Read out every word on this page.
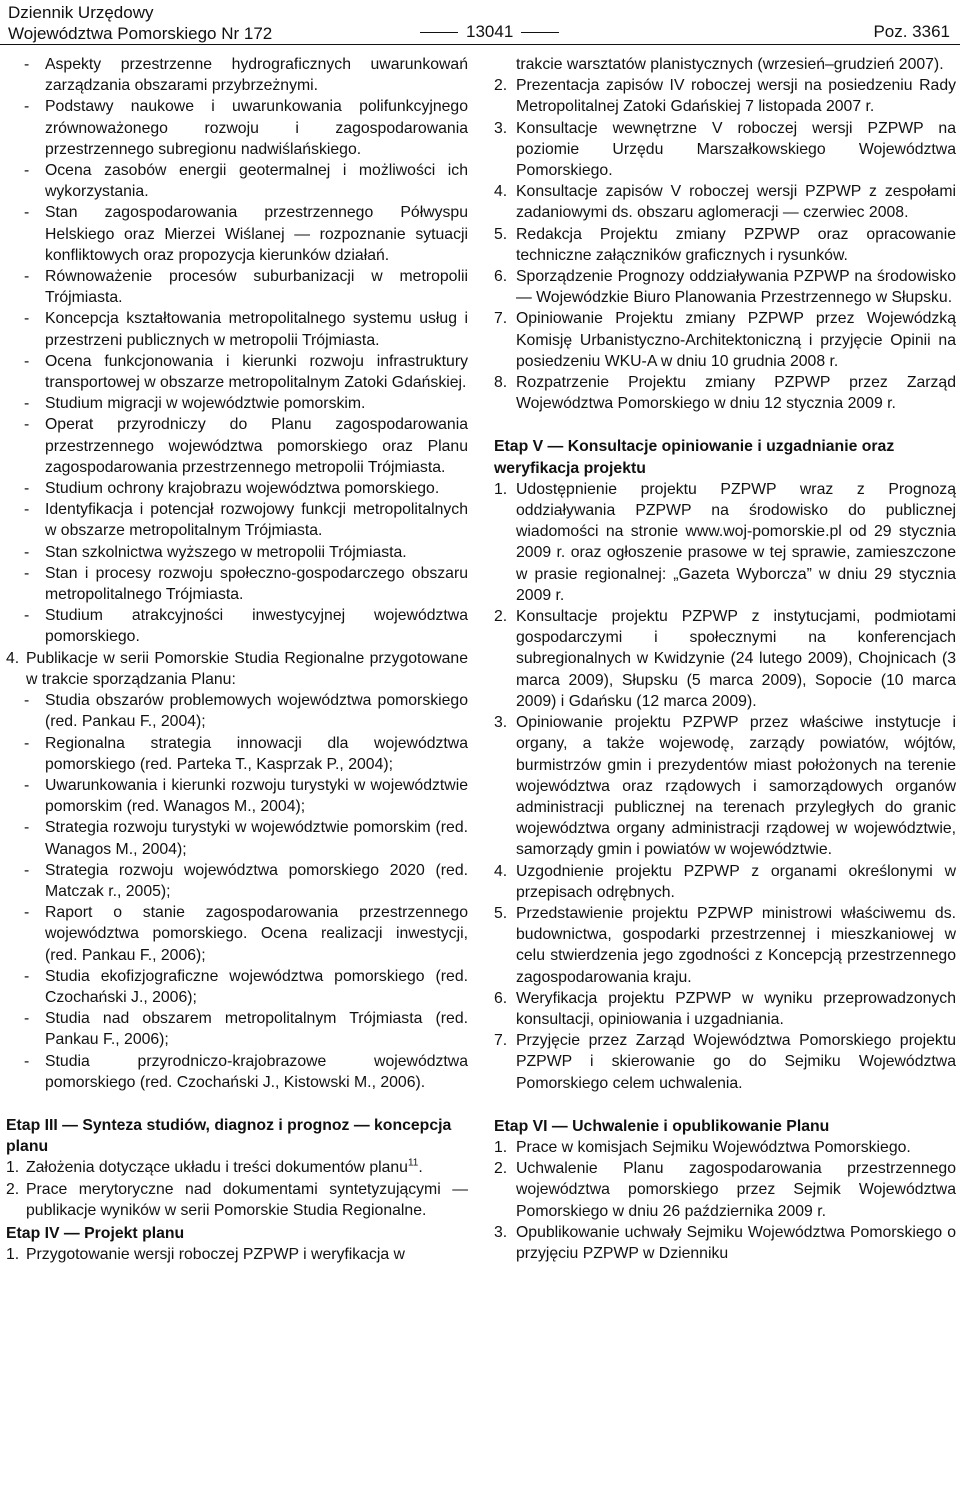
Dziennik Urzędowy
Województwa Pomorskiego Nr 172	13041	Poz. 3361
- Aspekty przestrzenne hydrograficznych uwarunkowań zarządzania obszarami przybrzeżnymi.
- Podstawy naukowe i uwarunkowania polifunkcyjnego zrównoważonego rozwoju i zagospodarowania przestrzennego subregionu nadwiślańskiego.
- Ocena zasobów energii geotermalnej i możliwości ich wykorzystania.
- Stan zagospodarowania przestrzennego Półwyspu Helskiego oraz Mierzei Wiślanej — rozpoznanie sytuacji konfliktowych oraz propozycja kierunków działań.
- Równoważenie procesów suburbanizacji w metropolii Trójmiasta.
- Koncepcja kształtowania metropolitalnego systemu usług i przestrzeni publicznych w metropolii Trójmiasta.
- Ocena funkcjonowania i kierunki rozwoju infrastruktury transportowej w obszarze metropolitalnym Zatoki Gdańskiej.
- Studium migracji w województwie pomorskim.
- Operat przyrodniczy do Planu zagospodarowania przestrzennego województwa pomorskiego oraz Planu zagospodarowania przestrzennego metropolii Trójmiasta.
- Studium ochrony krajobrazu województwa pomorskiego.
- Identyfikacja i potencjał rozwojowy funkcji metropolitalnych w obszarze metropolitalnym Trójmiasta.
- Stan szkolnictwa wyższego w metropolii Trójmiasta.
- Stan i procesy rozwoju społeczno-gospodarczego obszaru metropolitalnego Trójmiasta.
- Studium atrakcyjności inwestycyjnej województwa pomorskiego.
4. Publikacje w serii Pomorskie Studia Regionalne przygotowane w trakcie sporządzania Planu:
- Studia obszarów problemowych województwa pomorskiego (red. Pankau F., 2004);
- Regionalna strategia innowacji dla województwa pomorskiego (red. Parteka T., Kasprzak P., 2004);
- Uwarunkowania i kierunki rozwoju turystyki w województwie pomorskim (red. Wanagos M., 2004);
- Strategia rozwoju turystyki w województwie pomorskim (red. Wanagos M., 2004);
- Strategia rozwoju województwa pomorskiego 2020 (red. Matczak r., 2005);
- Raport o stanie zagospodarowania przestrzennego województwa pomorskiego. Ocena realizacji inwestycji, (red. Pankau F., 2006);
- Studia ekofizjograficzne województwa pomorskiego (red. Czochański J., 2006);
- Studia nad obszarem metropolitalnym Trójmiasta (red. Pankau F., 2006);
- Studia przyrodniczo-krajobrazowe województwa pomorskiego (red. Czochański J., Kistowski M., 2006).
Etap III — Synteza studiów, diagnoz i prognoz — koncepcja planu
1. Założenia dotyczące układu i treści dokumentów planu$^{11}$.
2. Prace merytoryczne nad dokumentami syntetyzującymi — publikacje wyników w serii Pomorskie Studia Regionalne.
Etap IV — Projekt planu
1. Przygotowanie wersji roboczej PZPWP i weryfikacja w
trakcie warsztatów planistycznych (wrzesień–grudzień 2007).
2. Prezentacja zapisów IV roboczej wersji na posiedzeniu Rady Metropolitalnej Zatoki Gdańskiej 7 listopada 2007 r.
3. Konsultacje wewnętrzne V roboczej wersji PZPWP na poziomie Urzędu Marszałkowskiego Województwa Pomorskiego.
4. Konsultacje zapisów V roboczej wersji PZPWP z zespołami zadaniowymi ds. obszaru aglomeracji — czerwiec 2008.
5. Redakcja Projektu zmiany PZPWP oraz opracowanie techniczne załączników graficznych i rysunków.
6. Sporządzenie Prognozy oddziaływania PZPWP na środowisko — Wojewódzkie Biuro Planowania Przestrzennego w Słupsku.
7. Opiniowanie Projektu zmiany PZPWP przez Wojewódzką Komisję Urbanistyczno-Architektoniczną i przyjęcie Opinii na posiedzeniu WKU-A w dniu 10 grudnia 2008 r.
8. Rozpatrzenie Projektu zmiany PZPWP przez Zarząd Województwa Pomorskiego w dniu 12 stycznia 2009 r.
Etap V — Konsultacje opiniowanie i uzgadnianie oraz weryfikacja projektu
1. Udostępnienie projektu PZPWP wraz z Prognozą oddziaływania PZPWP na środowisko do publicznej wiadomości na stronie www.woj-pomorskie.pl od 29 stycznia 2009 r. oraz ogłoszenie prasowe w tej sprawie, zamieszczone w prasie regionalnej: „Gazeta Wyborcza” w dniu 29 stycznia 2009 r.
2. Konsultacje projektu PZPWP z instytucjami, podmiotami gospodarczymi i społecznymi na konferencjach subregionalnych w Kwidzynie (24 lutego 2009), Chojnicach (3 marca 2009), Słupsku (5 marca 2009), Sopocie (10 marca 2009) i Gdańsku (12 marca 2009).
3. Opiniowanie projektu PZPWP przez właściwe instytucje i organy, a także wojewodę, zarządy powiatów, wójtów, burmistrzów gmin i prezydentów miast położonych na terenie województwa oraz rządowych i samorządowych organów administracji publicznej na terenach przyległych do granic województwa organy administracji rządowej w województwie, samorządy gmin i powiatów w województwie.
4. Uzgodnienie projektu PZPWP z organami określonymi w przepisach odrębnych.
5. Przedstawienie projektu PZPWP ministrowi właściwemu ds. budownictwa, gospodarki przestrzennej i mieszkaniowej w celu stwierdzenia jego zgodności z Koncepcją przestrzennego zagospodarowania kraju.
6. Weryfikacja projektu PZPWP w wyniku przeprowadzonych konsultacji, opiniowania i uzgadniania.
7. Przyjęcie przez Zarząd Województwa Pomorskiego projektu PZPWP i skierowanie go do Sejmiku Województwa Pomorskiego celem uchwalenia.
Etap VI — Uchwalenie i opublikowanie Planu
1. Prace w komisjach Sejmiku Województwa Pomorskiego.
2. Uchwalenie Planu zagospodarowania przestrzennego województwa pomorskiego przez Sejmik Województwa Pomorskiego w dniu 26 października 2009 r.
3. Opublikowanie uchwały Sejmiku Województwa Pomorskiego o przyjęciu PZPWP w Dzienniku
